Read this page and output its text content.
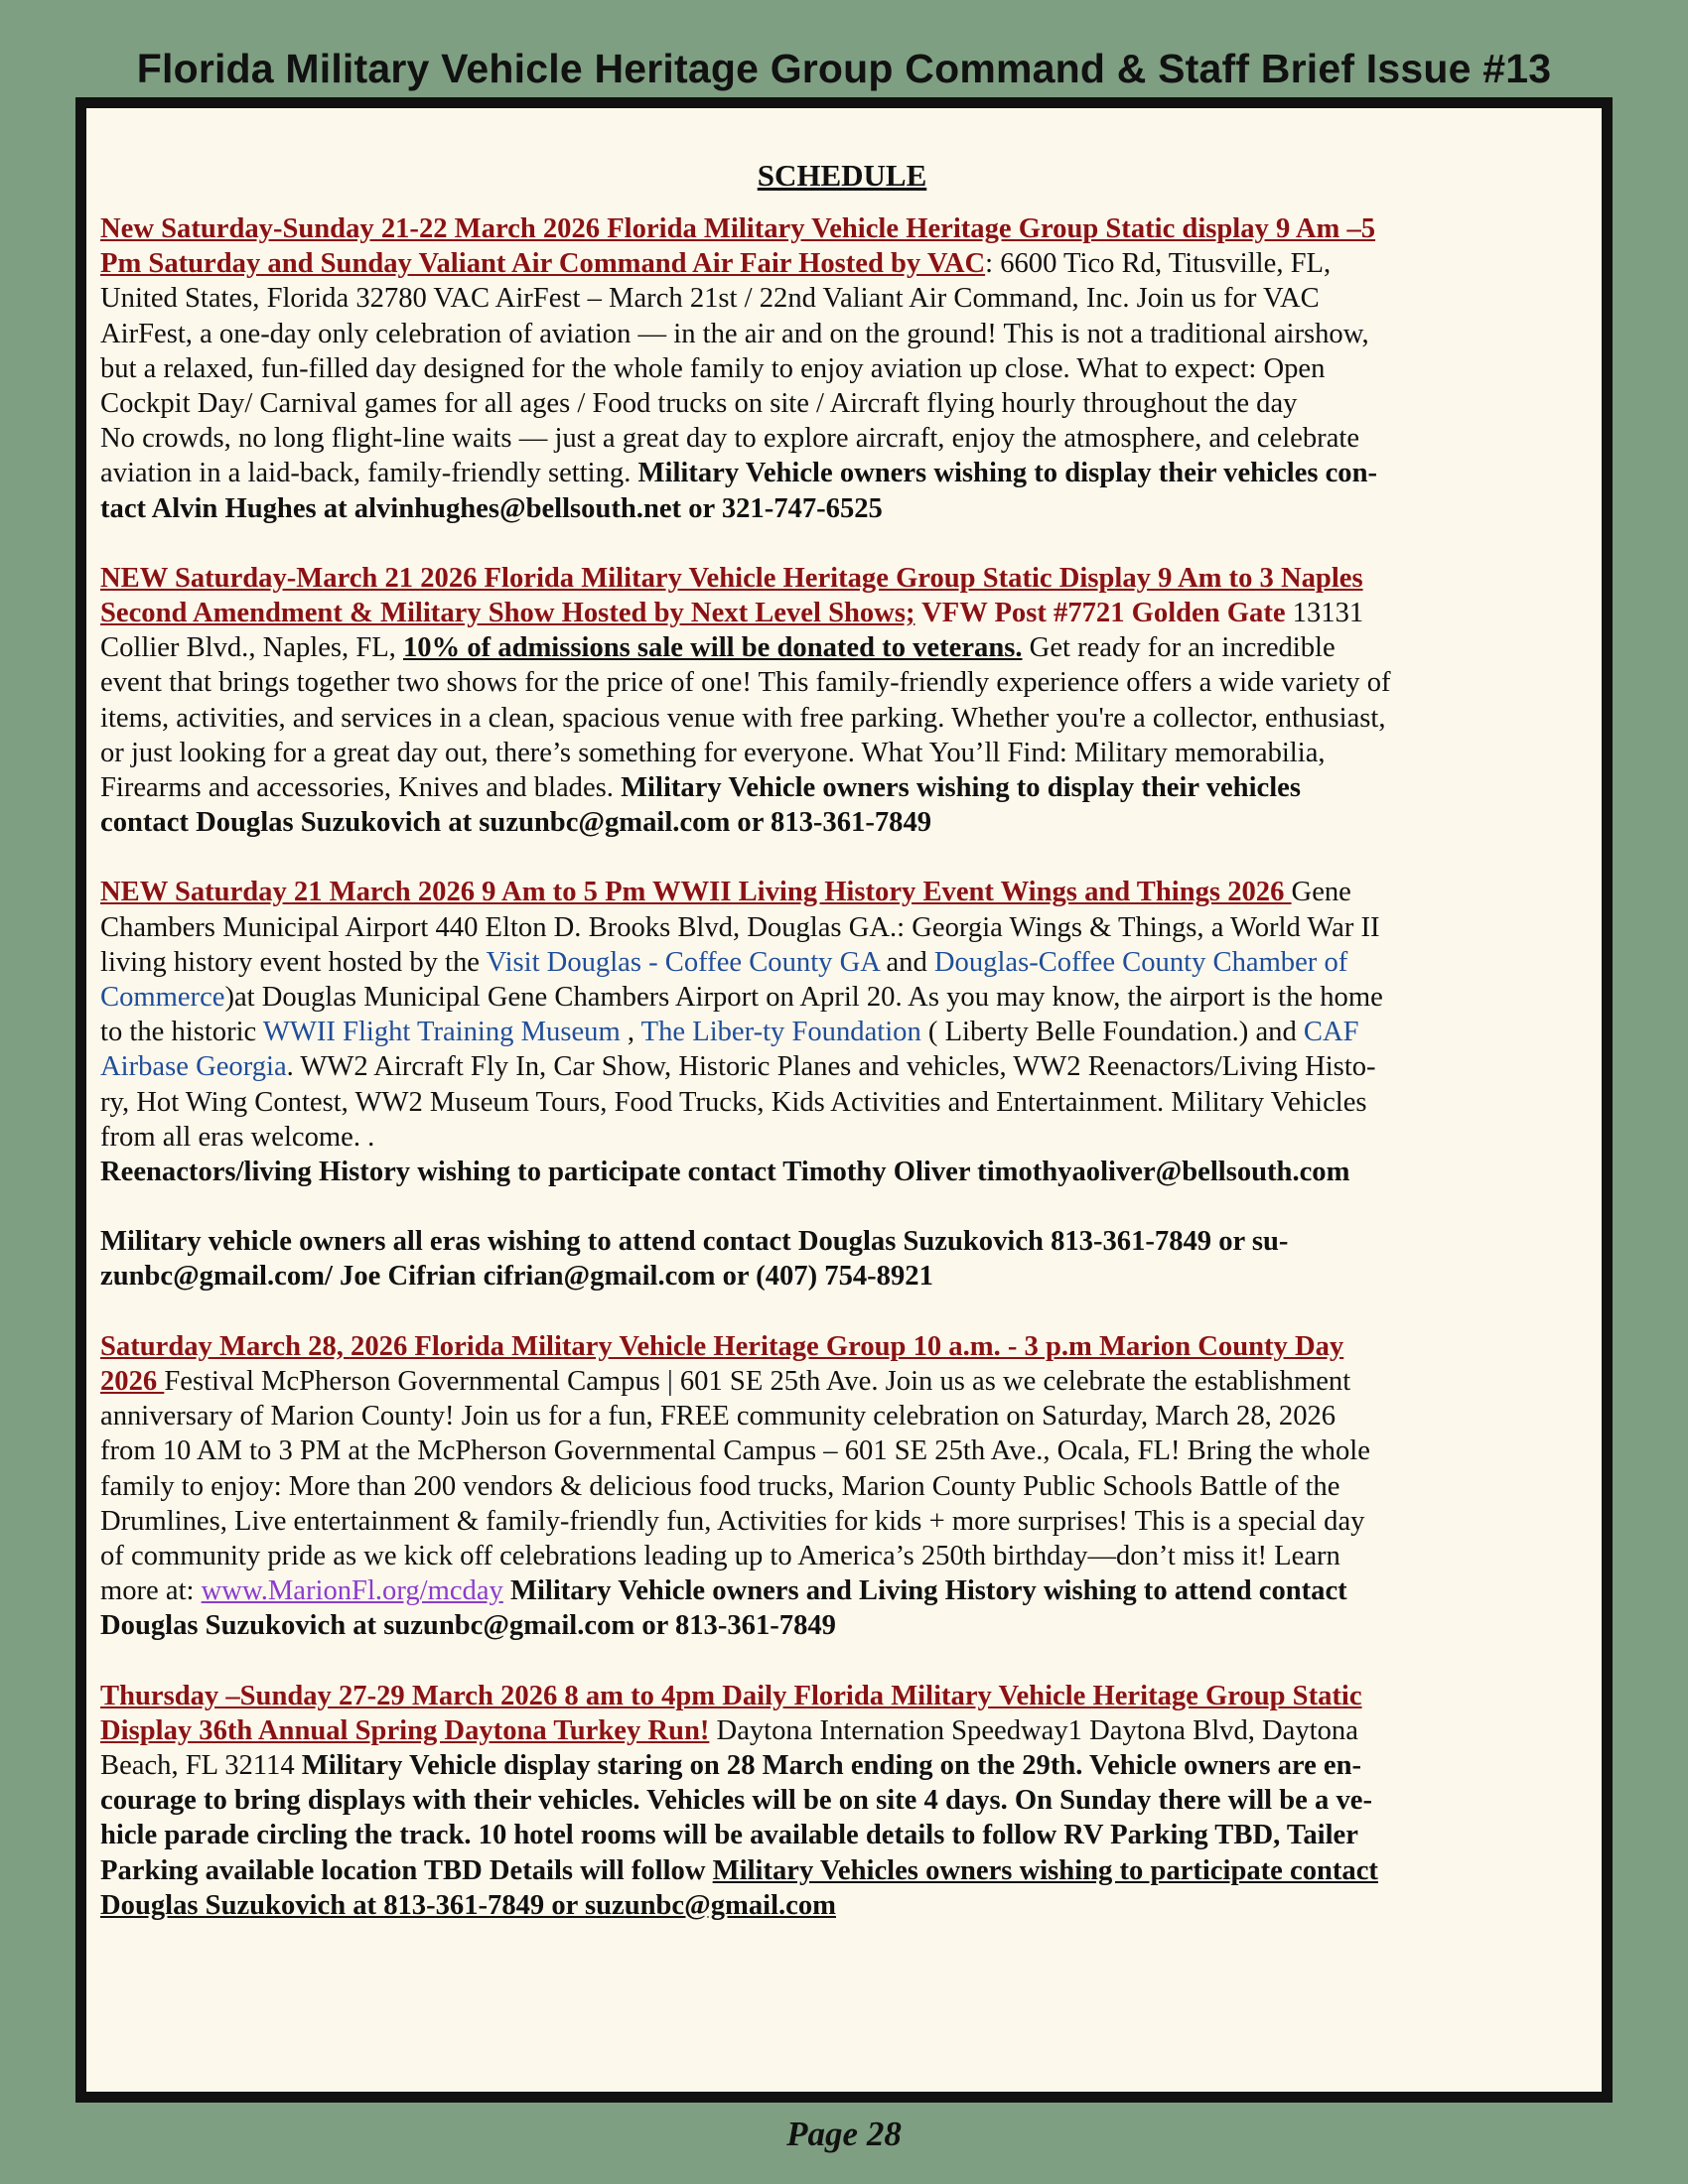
Florida Military Vehicle Heritage Group Command & Staff Brief Issue #13
SCHEDULE
New Saturday-Sunday 21-22 March 2026 Florida Military Vehicle Heritage Group Static display 9 Am –5
Pm Saturday and Sunday Valiant Air Command Air Fair Hosted by VAC: 6600 Tico Rd, Titusville, FL,
United States, Florida 32780 VAC AirFest – March 21st / 22nd Valiant Air Command, Inc. Join us for VAC
AirFest, a one-day only celebration of aviation — in the air and on the ground! This is not a traditional airshow,
but a relaxed, fun-filled day designed for the whole family to enjoy aviation up close. What to expect: Open
Cockpit Day/ Carnival games for all ages / Food trucks on site / Aircraft flying hourly throughout the day
No crowds, no long flight-line waits — just a great day to explore aircraft, enjoy the atmosphere, and celebrate
aviation in a laid-back, family-friendly setting. Military Vehicle owners wishing to display their vehicles con-
tact Alvin Hughes at alvinhughes@bellsouth.net or 321-747-6525
NEW Saturday-March 21 2026 Florida Military Vehicle Heritage Group Static Display 9 Am to 3 Naples
Second Amendment & Military Show Hosted by Next Level Shows; VFW Post #7721 Golden Gate 13131
Collier Blvd., Naples, FL, 10% of admissions sale will be donated to veterans. Get ready for an incredible
event that brings together two shows for the price of one! This family-friendly experience offers a wide variety of
items, activities, and services in a clean, spacious venue with free parking. Whether you're a collector, enthusiast,
or just looking for a great day out, there’s something for everyone. What You’ll Find: Military memorabilia,
Firearms and accessories, Knives and blades. Military Vehicle owners wishing to display their vehicles
contact Douglas Suzukovich at suzunbc@gmail.com or 813-361-7849
NEW Saturday 21 March 2026 9 Am to 5 Pm WWII Living History Event Wings and Things 2026 Gene
Chambers Municipal Airport 440 Elton D. Brooks Blvd, Douglas GA.: Georgia Wings & Things, a World War II
living history event hosted by the Visit Douglas - Coffee County GA and Douglas-Coffee County Chamber of
Commerce)at Douglas Municipal Gene Chambers Airport on April 20. As you may know, the airport is the home
to the historic WWII Flight Training Museum , The Liber-ty Foundation ( Liberty Belle Foundation.) and CAF
Airbase Georgia. WW2 Aircraft Fly In, Car Show, Historic Planes and vehicles, WW2 Reenactors/Living Histo-
ry, Hot Wing Contest, WW2 Museum Tours, Food Trucks, Kids Activities and Entertainment. Military Vehicles
from all eras welcome. .
Reenactors/living History wishing to participate contact Timothy Oliver timothyaoliver@bellsouth.com
Military vehicle owners all eras wishing to attend contact Douglas Suzukovich 813-361-7849 or su-
zunbc@gmail.com/ Joe Cifrian cifrian@gmail.com or (407) 754-8921
Saturday March 28, 2026 Florida Military Vehicle Heritage Group 10 a.m. - 3 p.m Marion County Day
2026 Festival McPherson Governmental Campus | 601 SE 25th Ave. Join us as we celebrate the establishment
anniversary of Marion County! Join us for a fun, FREE community celebration on Saturday, March 28, 2026
from 10 AM to 3 PM at the McPherson Governmental Campus – 601 SE 25th Ave., Ocala, FL! Bring the whole
family to enjoy: More than 200 vendors & delicious food trucks, Marion County Public Schools Battle of the
Drumlines, Live entertainment & family-friendly fun, Activities for kids + more surprises! This is a special day
of community pride as we kick off celebrations leading up to America’s 250th birthday—don’t miss it! Learn
more at: www.MarionFl.org/mcday Military Vehicle owners and Living History wishing to attend contact
Douglas Suzukovich at suzunbc@gmail.com or 813-361-7849
Thursday –Sunday 27-29 March 2026 8 am to 4pm Daily Florida Military Vehicle Heritage Group Static
Display 36th Annual Spring Daytona Turkey Run! Daytona Internation Speedway1 Daytona Blvd, Daytona
Beach, FL 32114 Military Vehicle display staring on 28 March ending on the 29th. Vehicle owners are en-
courage to bring displays with their vehicles. Vehicles will be on site 4 days. On Sunday there will be a ve-
hicle parade circling the track. 10 hotel rooms will be available details to follow RV Parking TBD, Tailer
Parking available location TBD Details will follow Military Vehicles owners wishing to participate contact
Douglas Suzukovich at 813-361-7849 or suzunbc@gmail.com
Page 28
